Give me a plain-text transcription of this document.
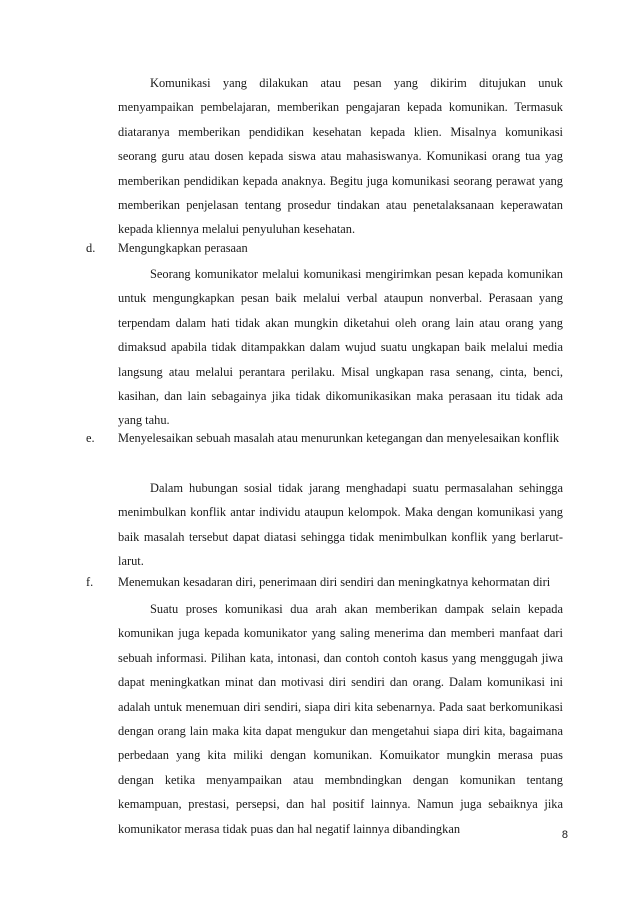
Komunikasi yang dilakukan atau pesan yang dikirim ditujukan unuk menyampaikan pembelajaran, memberikan pengajaran kepada komunikan. Termasuk diataranya memberikan pendidikan kesehatan kepada klien. Misalnya komunikasi seorang guru atau dosen kepada siswa atau mahasiswanya. Komunikasi orang tua yag memberikan pendidikan kepada anaknya. Begitu juga komunikasi seorang perawat yang memberikan penjelasan tentang prosedur tindakan atau penetalaksanaan keperawatan kepada kliennya melalui penyuluhan kesehatan.

d. Mengungkapkan perasaan

Seorang komunikator melalui komunikasi mengirimkan pesan kepada komunikan untuk mengungkapkan pesan baik melalui verbal ataupun nonverbal. Perasaan yang terpendam dalam hati tidak akan mungkin diketahui oleh orang lain atau orang yang dimaksud apabila tidak ditampakkan dalam wujud suatu ungkapan baik melalui media langsung atau melalui perantara perilaku. Misal ungkapan rasa senang, cinta, benci, kasihan, dan lain sebagainya jika tidak dikomunikasikan maka perasaan itu tidak ada yang tahu.

e. Menyelesaikan sebuah masalah atau menurunkan ketegangan dan menyelesaikan konflik

Dalam hubungan sosial tidak jarang menghadapi suatu permasalahan sehingga menimbulkan konflik antar individu ataupun kelompok. Maka dengan komunikasi yang baik masalah tersebut dapat diatasi sehingga tidak menimbulkan konflik yang berlarut-larut.

f. Menemukan kesadaran diri, penerimaan diri sendiri dan meningkatnya kehormatan diri

Suatu proses komunikasi dua arah akan memberikan dampak selain kepada komunikan juga kepada komunikator yang saling menerima dan memberi manfaat dari sebuah informasi. Pilihan kata, intonasi, dan contoh contoh kasus yang menggugah jiwa dapat meningkatkan minat dan motivasi diri sendiri dan orang. Dalam komunikasi ini adalah untuk menemuan diri sendiri, siapa diri kita sebenarnya. Pada saat berkomunikasi dengan orang lain maka kita dapat mengukur dan mengetahui siapa diri kita, bagaimana perbedaan yang kita miliki dengan komunikan. Komuikator mungkin merasa puas dengan ketika menyampaikan atau membndingkan dengan komunikan tentang kemampuan, prestasi, persepsi, dan hal positif lainnya. Namun juga sebaiknya jika komunikator merasa tidak puas dan hal negatif lainnya dibandingkan	8
